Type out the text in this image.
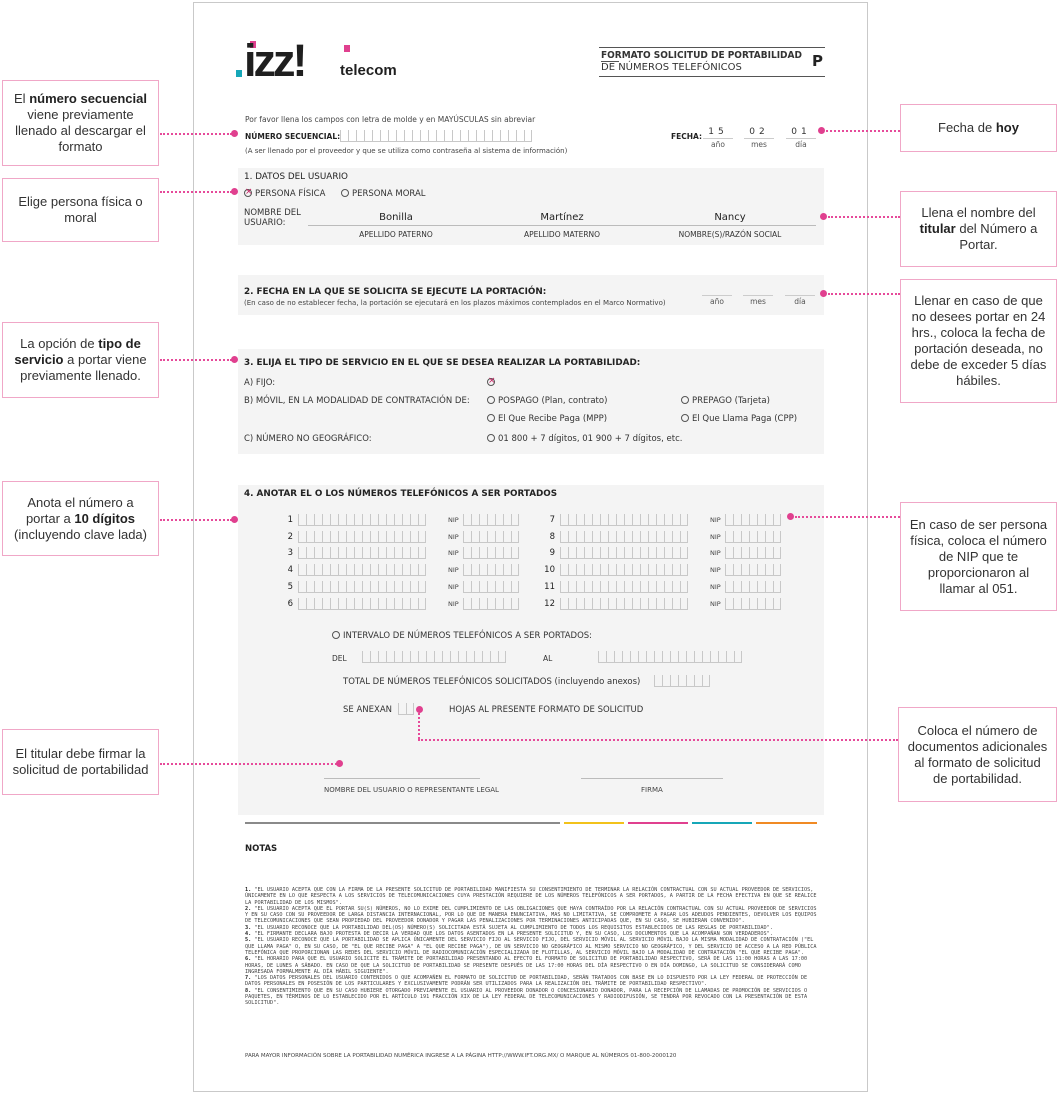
izz! telecom
FORMATO SOLICITUD DE PORTABILIDAD
DE NÚMEROS TELEFÓNICOS	P
Por favor llena los campos con letra de molde y en MAYÚSCULAS sin abreviar
NÚMERO SECUENCIAL:
(A ser llenado por el proveedor y que se utiliza como contraseña al sistema de información)
FECHA: 15
año
02
mes
01
día
1. DATOS DEL USUARIO
×PERSONA FÍSICA	PERSONA MORAL
NOMBRE DEL
USUARIO:	Bonilla	Martínez	Nancy
APELLIDO PATERNO	APELLIDO MATERNO	NOMBRE(S)/RAZÓN SOCIAL
2. FECHA EN LA QUE SE SOLICITA SE EJECUTE LA PORTACIÓN:
(En caso de no establecer fecha, la portación se ejecutará en los plazos máximos contemplados en el Marco Normativo)	año	mes	día
3. ELIJA EL TIPO DE SERVICIO EN EL QUE SE DESEA REALIZAR LA PORTABILIDAD:
A) FIJO:
×
B) MÓVIL, EN LA MODALIDAD DE CONTRATACIÓN DE:	POSPAGO (Plan, contrato)	PREPAGO (Tarjeta)
El Que Recibe Paga (MPP)	El Que Llama Paga (CPP)
C) NÚMERO NO GEOGRÁFICO:	01 800 + 7 dígitos, 01 900 + 7 dígitos, etc.
4. ANOTAR EL O LOS NÚMEROS TELEFÓNICOS A SER PORTADOS
1	NIP
2	NIP
3	NIP
4	NIP
5	NIP
6	NIP
7	NIP
8	NIP
9	NIP
10	NIP
11	NIP
12	NIP
INTERVALO DE NÚMEROS TELEFÓNICOS A SER PORTADOS:
DEL	AL
TOTAL DE NÚMEROS TELEFÓNICOS SOLICITADOS (incluyendo anexos)
SE ANEXAN	HOJAS AL PRESENTE FORMATO DE SOLICITUD
NOMBRE DEL USUARIO O REPRESENTANTE LEGAL	FIRMA
NOTAS

1. "EL USUARIO ACEPTA QUE CON LA FIRMA DE LA PRESENTE SOLICITUD DE PORTABILIDAD MANIFIESTA SU CONSENTIMIENTO DE TERMINAR LA RELACIÓN CONTRACTUAL CON SU ACTUAL PROVEEDOR DE SERVICIOS, ÚNICAMENTE EN LO QUE RESPECTA A LOS SERVICIOS DE TELECOMUNICACIONES CUYA PRESTACIÓN REQUIERE DE LOS NÚMEROS TELEFÓNICOS A SER PORTADOS, A PARTIR DE LA FECHA EFECTIVA EN QUE SE REALICE LA PORTABILIDAD DE LOS MISMOS".

2. "EL USUARIO ACEPTA QUE EL PORTAR SU(S) NÚMEROS, NO LO EXIME DEL CUMPLIMIENTO DE LAS OBLIGACIONES QUE HAYA CONTRAÍDO POR LA RELACIÓN CONTRACTUAL CON SU ACTUAL PROVEEDOR DE SERVICIOS Y EN SU CASO CON SU PROVEEDOR DE LARGA DISTANCIA INTERNACIONAL, POR LO QUE DE MANERA ENUNCIATIVA, MAS NO LIMITATIVA, SE COMPROMETE A PAGAR LOS ADEUDOS PENDIENTES, DEVOLVER LOS EQUIPOS DE TELECOMUNICACIONES QUE SEAN PROPIEDAD DEL PROVEEDOR DONADOR Y PAGAR LAS PENALIZACIONES POR TERMINACIONES ANTICIPADAS QUE, EN SU CASO, SE HUBIERAN CONVENIDO".

3. "EL USUARIO RECONOCE QUE LA PORTABILIDAD DEL(OS) NÚMERO(S) SOLICITADA ESTÁ SUJETA AL CUMPLIMIENTO DE TODOS LOS REQUISITOS ESTABLECIDOS DE LAS REGLAS DE PORTABILIDAD".

4. "EL FIRMANTE DECLARA BAJO PROTESTA DE DECIR LA VERDAD QUE LOS DATOS ASENTADOS EN LA PRESENTE SOLICITUD Y, EN SU CASO, LOS DOCUMENTOS QUE LA ACOMPAÑAN SON VERDADEROS".

5. "EL USUARIO RECONOCE QUE LA PORTABILIDAD SE APLICA ÚNICAMENTE DEL SERVICIO FIJO AL SERVICIO FIJO, DEL SERVICIO MÓVIL AL SERVICIO MÓVIL BAJO LA MISMA MODALIDAD DE CONTRATACIÓN ("EL QUE LLAMA PAGA" O, EN SU CASO, DE "EL QUE RECIBE PAGA" A "EL QUE RECIBE PAGA"), DE UN SERVICIO NO GEOGRÁFICO AL MISMO SERVICIO NO GEOGRÁFICO, Y DEL SERVICIO DE ACCESO A LA RED PÚBLICA TELEFÓNICA QUE PROPORCIONAN LAS REDES DEL SERVICIO MÓVIL DE RADIOCOMUNICACIÓN ESPECIALIZADA DE FLOTILLAS, AL SERVICIO MÓVIL BAJO LA MODALIDAD DE CONTRATACIÓN "EL QUE RECIBE PAGA".

6. "EL HORARIO PARA QUE EL USUARIO SOLICITE EL TRÁMITE DE PORTABILIDAD PRESENTANDO AL EFECTO EL FORMATO DE SOLICITUD DE PORTABILIDAD RESPECTIVO, SERÁ DE LAS 11:00 HORAS A LAS 17:00 HORAS, DE LUNES A SÁBADO. EN CASO DE QUE LA SOLICITUD DE PORTABILIDAD SE PRESENTE DESPUÉS DE LAS 17:00 HORAS DEL DÍA RESPECTIVO O EN DÍA DOMINGO, LA SOLICITUD SE CONSIDERARÁ COMO INGRESADA FORMALMENTE AL DÍA HÁBIL SIGUIENTE".

7. "LOS DATOS PERSONALES DEL USUARIO CONTENIDOS O QUE ACOMPAÑEN EL FORMATO DE SOLICITUD DE PORTABILIDAD, SERÁN TRATADOS CON BASE EN LO DISPUESTO POR LA LEY FEDERAL DE PROTECCIÓN DE DATOS PERSONALES EN POSESIÓN DE LOS PARTICULARES Y EXCLUSIVAMENTE PODRÁN SER UTILIZADOS PARA LA REALIZACIÓN DEL TRÁMITE DE PORTABILIDAD RESPECTIVO".

8. "EL CONSENTIMIENTO QUE EN SU CASO HUBIERE OTORGADO PREVIAMENTE EL USUARIO AL PROVEEDOR DONADOR O CONCESIONARIO DONADOR, PARA LA RECEPCIÓN DE LLAMADAS DE PROMOCIÓN DE SERVICIOS O PAQUETES, EN TÉRMINOS DE LO ESTABLECIDO POR EL ARTÍCULO 191 FRACCIÓN XIX DE LA LEY FEDERAL DE TELECOMUNICACIONES Y RADIODIFUSIÓN, SE TENDRÁ POR REVOCADO CON LA PRESENTACIÓN DE ESTA SOLICITUD".

PARA MAYOR INFORMACIÓN SOBRE LA PORTABILIDAD NUMÉRICA INGRESE A LA PÁGINA HTTP://WWW.IFT.ORG.MX/ O MARQUE AL NÚMEROS 01-800-2000120
El número secuencial viene previamente llenado al descargar el formato
Elige persona física o moral
La opción de tipo de servicio a portar viene previamente llenado.
Anota el número a portar a 10 dígitos (incluyendo clave lada)
El titular debe firmar la solicitud de portabilidad
Fecha de hoy
Llena el nombre del titular del Número a Portar.
Llenar en caso de que no desees portar en 24 hrs., coloca la fecha de portación deseada, no debe de exceder 5 días hábiles.
En caso de ser persona física, coloca el número de NIP que te proporcionaron al llamar al 051.
Coloca el número de documentos adicionales al formato de solicitud de portabilidad.
